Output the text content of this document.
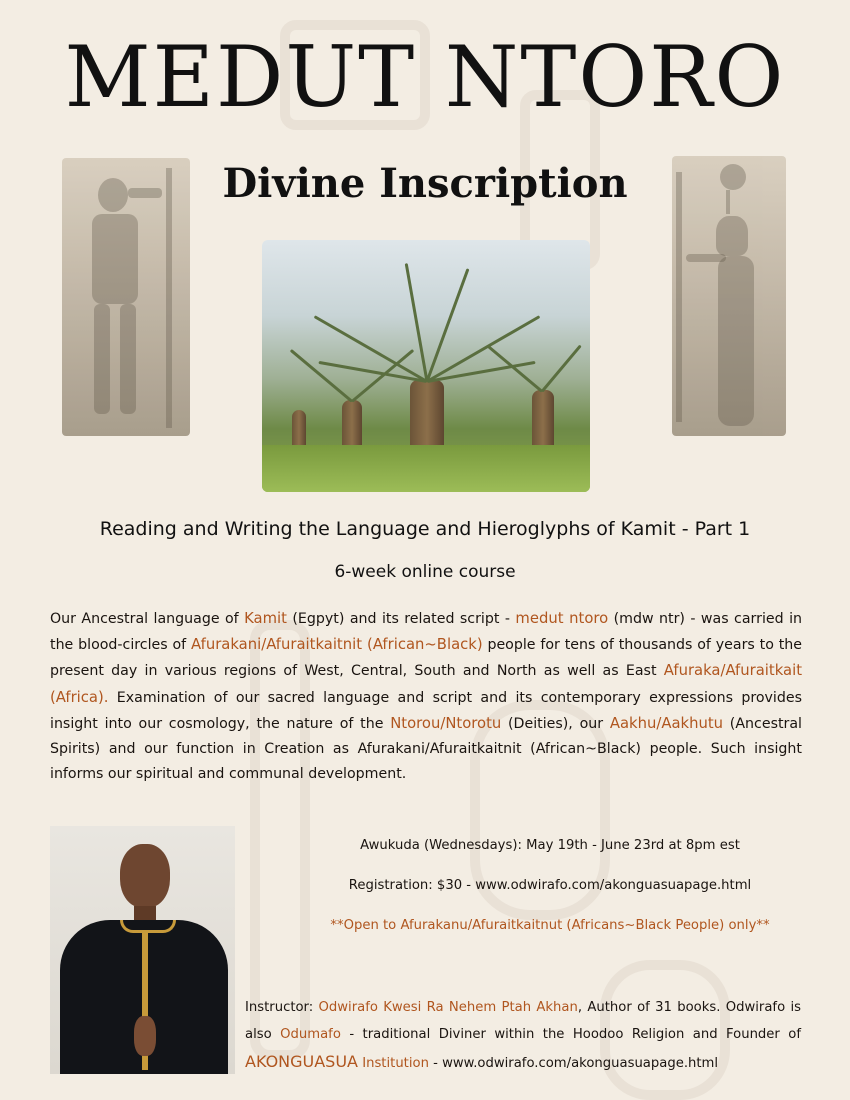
MEDUT NTORO
Divine Inscription
Reading and Writing the Language and Hieroglyphs of Kamit - Part 1
6-week online course

Our Ancestral language of Kamit (Egpyt) and its related script - medut ntoro (mdw ntr) - was carried in the blood-circles of Afurakani/Afuraitkaitnit (African~Black) people for tens of thousands of years to the present day in various regions of West, Central, South and North as well as East Afuraka/Afuraitkait (Africa). Examination of our sacred language and script and its contemporary expressions provides insight into our cosmology, the nature of the Ntorou/Ntorotu (Deities), our Aakhu/Aakhutu (Ancestral Spirits) and our function in Creation as Afurakani/Afuraitkaitnit (African~Black) people. Such insight informs our spiritual and communal development.

Awukuda (Wednesdays): May 19th - June 23rd at 8pm est
Registration: $30 - www.odwirafo.com/akonguasuapage.html
**Open to Afurakanu/Afuraitkaitnut (Africans~Black People) only**

Instructor: Odwirafo Kwesi Ra Nehem Ptah Akhan, Author of 31 books. Odwirafo is also Odumafo - traditional Diviner within the Hoodoo Religion and Founder of AKONGUASUA Institution - www.odwirafo.com/akonguasuapage.html
